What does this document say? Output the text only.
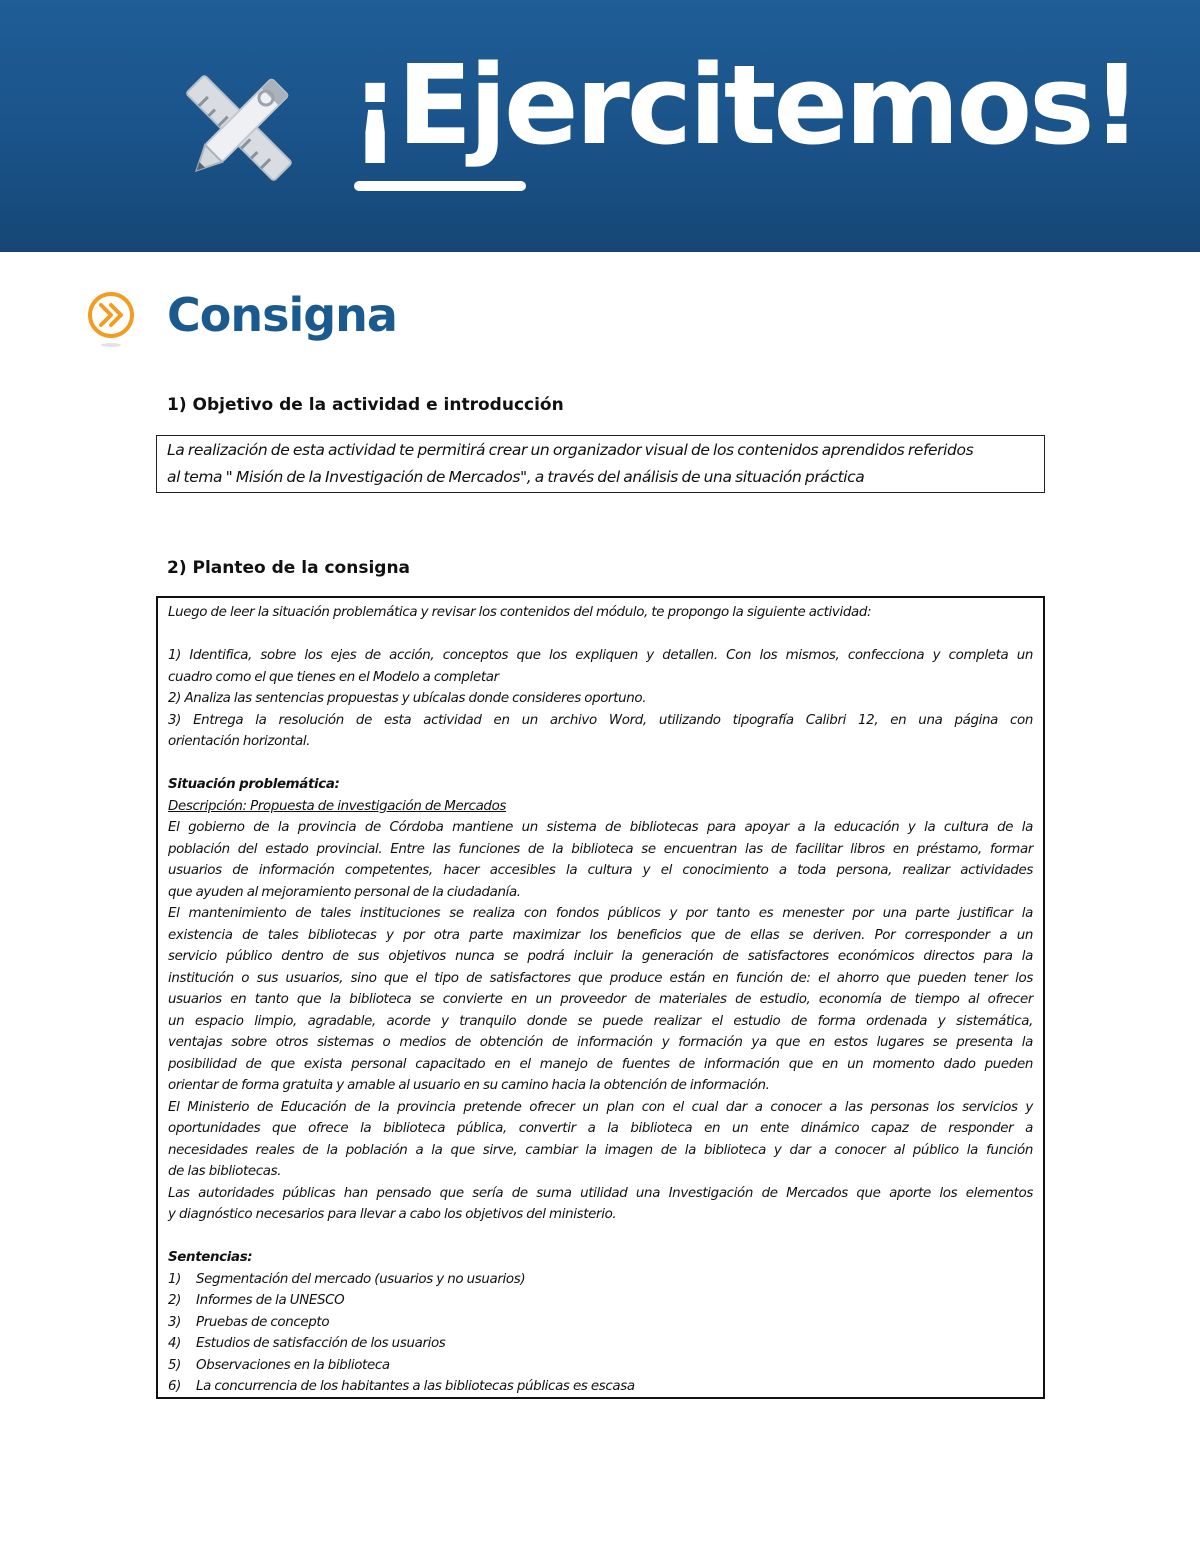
¡Ejercitemos!
Consigna
1) Objetivo de la actividad e introducción

La realización de esta actividad te permitirá crear un organizador visual de los contenidos aprendidos referidos

al tema " Misión de la Investigación de Mercados", a través del análisis de una situación práctica

2) Planteo de la consigna
Luego de leer la situación problemática y revisar los contenidos del módulo, te propongo la siguiente actividad:
1) Identifica, sobre los ejes de acción, conceptos que los expliquen y detallen. Con los mismos, confecciona y completa un
cuadro como el que tienes en el Modelo a completar
2) Analiza las sentencias propuestas y ubícalas donde consideres oportuno.
3) Entrega la resolución de esta actividad en un archivo Word, utilizando tipografía Calibri 12, en una página con
orientación horizontal.
Situación problemática:
Descripción: Propuesta de investigación de Mercados
El gobierno de la provincia de Córdoba mantiene un sistema de bibliotecas para apoyar a la educación y la cultura de la
población del estado provincial. Entre las funciones de la biblioteca se encuentran las de facilitar libros en préstamo, formar
usuarios de información competentes, hacer accesibles la cultura y el conocimiento a toda persona, realizar actividades
que ayuden al mejoramiento personal de la ciudadanía.
El mantenimiento de tales instituciones se realiza con fondos públicos y por tanto es menester por una parte justificar la
existencia de tales bibliotecas y por otra parte maximizar los beneficios que de ellas se deriven. Por corresponder a un
servicio público dentro de sus objetivos nunca se podrá incluir la generación de satisfactores económicos directos para la
institución o sus usuarios, sino que el tipo de satisfactores que produce están en función de: el ahorro que pueden tener los
usuarios en tanto que la biblioteca se convierte en un proveedor de materiales de estudio, economía de tiempo al ofrecer
un espacio limpio, agradable, acorde y tranquilo donde se puede realizar el estudio de forma ordenada y sistemática,
ventajas sobre otros sistemas o medios de obtención de información y formación ya que en estos lugares se presenta la
posibilidad de que exista personal capacitado en el manejo de fuentes de información que en un momento dado pueden
orientar de forma gratuita y amable al usuario en su camino hacia la obtención de información.
El Ministerio de Educación de la provincia pretende ofrecer un plan con el cual dar a conocer a las personas los servicios y
oportunidades que ofrece la biblioteca pública, convertir a la biblioteca en un ente dinámico capaz de responder a
necesidades reales de la población a la que sirve, cambiar la imagen de la biblioteca y dar a conocer al público la función
de las bibliotecas.
Las autoridades públicas han pensado que sería de suma utilidad una Investigación de Mercados que aporte los elementos
y diagnóstico necesarios para llevar a cabo los objetivos del ministerio.
Sentencias:
1)	Segmentación del mercado (usuarios y no usuarios)
2)	Informes de la UNESCO
3)	Pruebas de concepto
4)	Estudios de satisfacción de los usuarios
5)	Observaciones en la biblioteca
6)	La concurrencia de los habitantes a las bibliotecas públicas es escasa
